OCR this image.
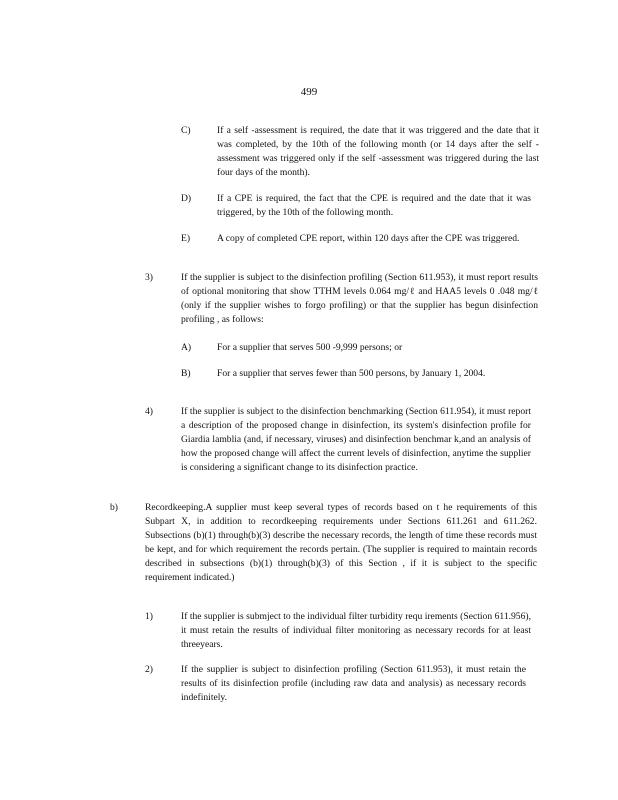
499
C)	If a self -assessment is required, the date that it was triggered and the date that it was completed, by the 10th of the following month (or 14 days after the self -assessment was triggered only if the self -assessment was triggered during the last four days of the month).
D)	If a CPE is required, the fact that the CPE is required and the date that it was triggered, by the 10th of the following month.
E)	A copy of completed CPE report, within 120 days after the CPE was triggered.
3)	If the supplier is subject to the disinfection profiling (Section 611.953), it must report results of optional monitoring that show TTHM levels 0.064 mg/ℓ and HAA5 levels 0 .048 mg/ℓ (only if the supplier wishes to forgo profiling) or that the supplier has begun disinfection profiling , as follows:
A)	For a supplier that serves 500 -9,999 persons; or
B)	For a supplier that serves fewer than 500 persons, by January 1, 2004.
4)	If the supplier is subject to the disinfection benchmarking (Section 611.954), it must report a description of the proposed change in disinfection, its system's disinfection profile for Giardia lamblia (and, if necessary, viruses) and disinfection benchmar k,and an analysis of how the proposed change will affect the current levels of disinfection, anytime the supplier is considering a significant change to its disinfection practice.
b)	Recordkeeping.A supplier must keep several types of records based on t he requirements of this Subpart X, in addition to recordkeeping requirements under Sections 611.261 and 611.262. Subsections (b)(1) through(b)(3) describe the necessary records, the length of time these records must be kept, and for which requirement the records pertain. (The supplier is required to maintain records described in subsections (b)(1) through(b)(3) of this Section , if it is subject to the specific requirement indicated.)
1)	If the supplier is submject to the individual filter turbidity requ irements (Section 611.956), it must retain the results of individual filter monitoring as necessary records for at least threeyears.
2)	If the supplier is subject to disinfection profiling (Section 611.953), it must retain the results of its disinfection profile (including raw data and analysis) as necessary records indefinitely.
